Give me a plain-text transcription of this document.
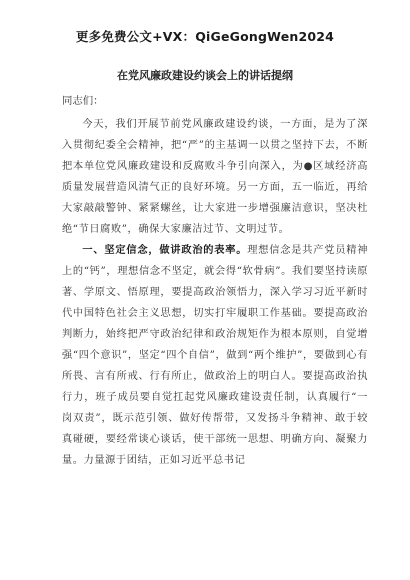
更多免费公文+VX：QiGeGongWen2024
在党风廉政建设约谈会上的讲话提纲
同志们：

今天，我们开展节前党风廉政建设约谈，一方面，是为了深入贯彻纪委全会精神，把“严”的主基调一以贯之坚持下去，不断把本单位党风廉政建设和反腐败斗争引向深入，为●区域经济高质量发展营造风清气正的良好环境。另一方面，五一临近，再给大家敲敲警钟、紧紧螺丝，让大家进一步增强廉洁意识，坚决杜绝“节日腐败”，确保大家廉洁过节、文明过节。

一、坚定信念，做讲政治的表率。理想信念是共产党员精神上的“钙”，理想信念不坚定，就会得“软骨病”。我们要坚持读原著、学原文、悟原理，要提高政治领悟力，深入学习习近平新时代中国特色社会主义思想，切实打牢履职工作基础。要提高政治判断力，始终把严守政治纪律和政治规矩作为根本原则，自觉增强“四个意识”，坚定“四个自信”，做到“两个维护”，要做到心有所畏、言有所戒、行有所止，做政治上的明白人。要提高政治执行力，班子成员要自觉扛起党风廉政建设责任制，认真履行“一岗双责”，既示范引领、做好传帮带，又发扬斗争精神、敢于较真碰硬，要经常谈心谈话，使干部统一思想、明确方向、凝聚力量。力量源于团结，正如习近平总书记
